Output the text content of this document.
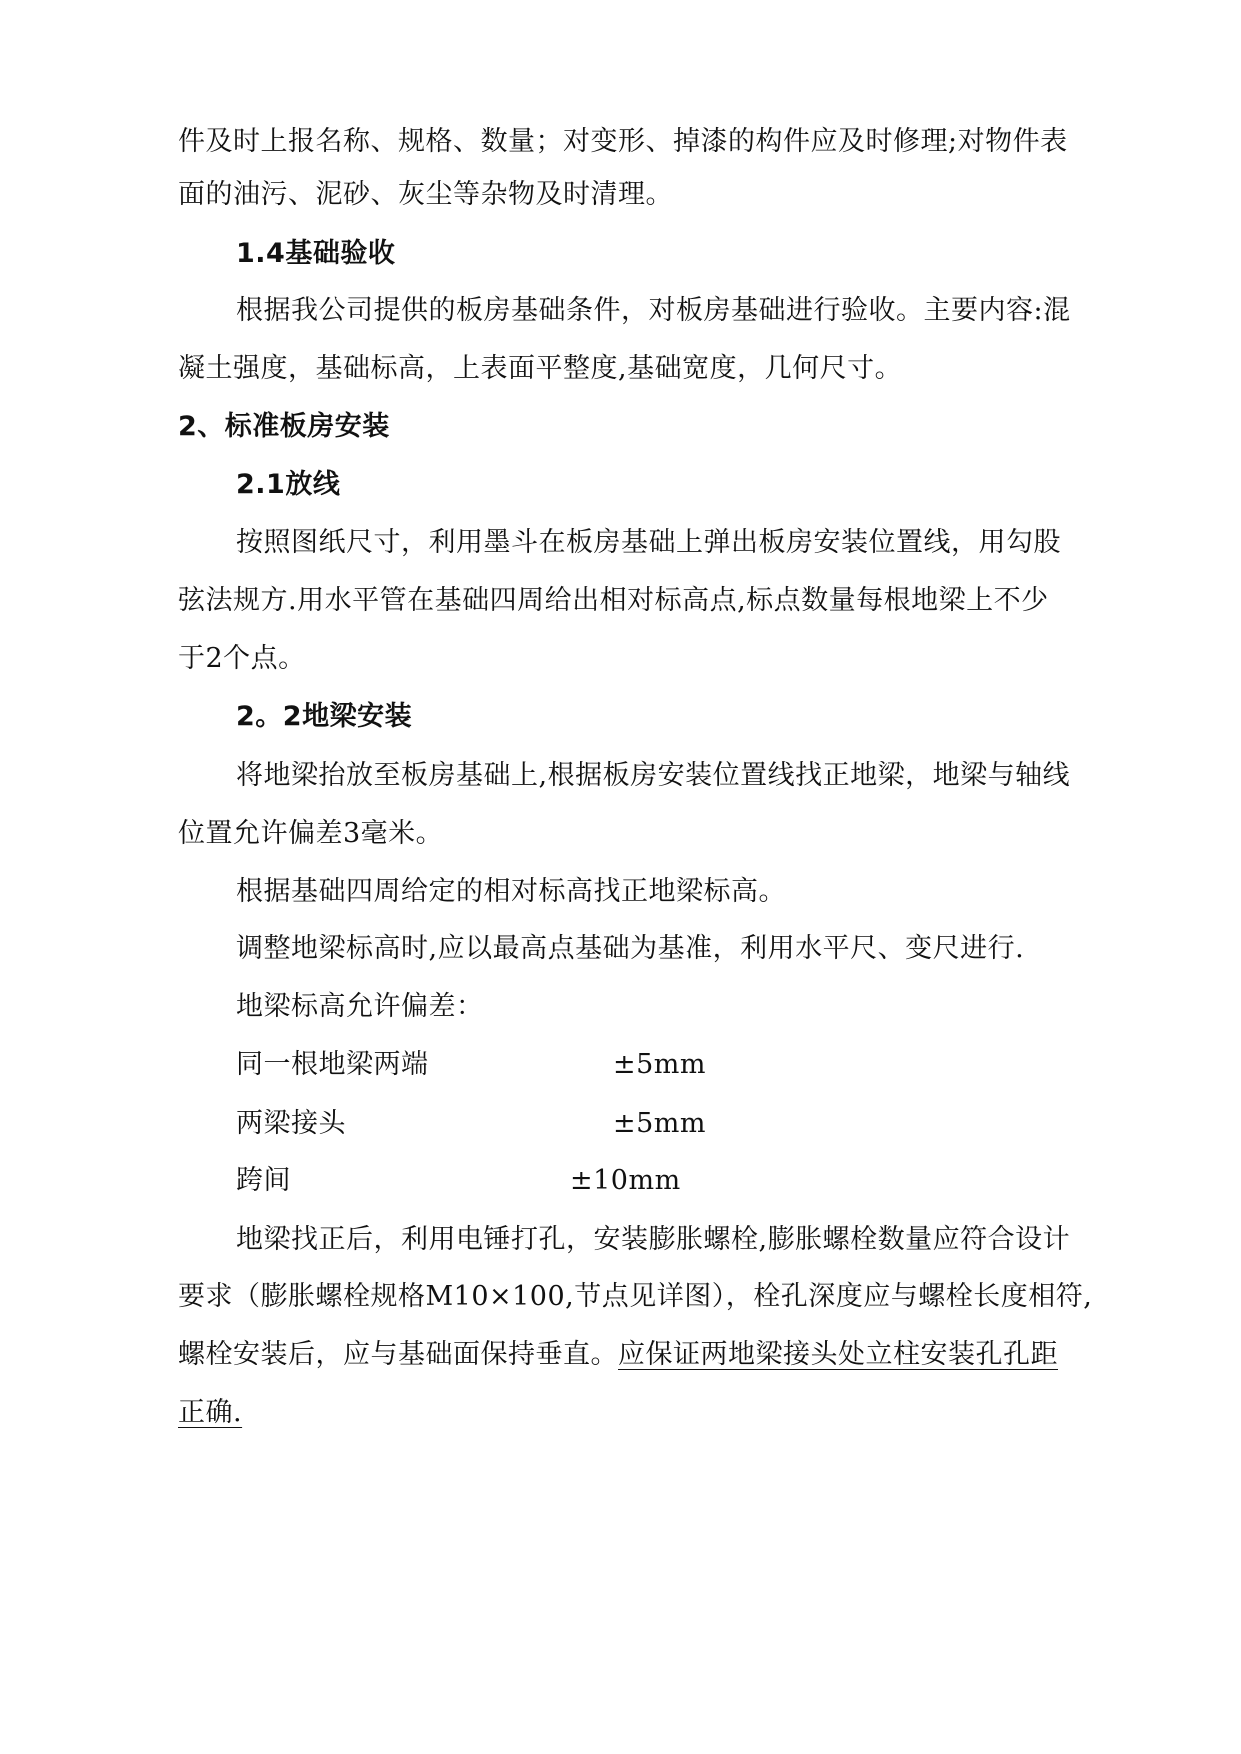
件及时上报名称、规格、数量；对变形、掉漆的构件应及时修理;对物件表
面的油污、泥砂、灰尘等杂物及时清理。
1.4基础验收
根据我公司提供的板房基础条件，对板房基础进行验收。主要内容:混
凝土强度，基础标高，上表面平整度,基础宽度，几何尺寸。
2、标准板房安装
2.1放线
按照图纸尺寸，利用墨斗在板房基础上弹出板房安装位置线，用勾股
弦法规方.用水平管在基础四周给出相对标高点,标点数量每根地梁上不少
于2个点。
2。2地梁安装
将地梁抬放至板房基础上,根据板房安装位置线找正地梁，地梁与轴线
位置允许偏差3毫米。
根据基础四周给定的相对标高找正地梁标高。
调整地梁标高时,应以最高点基础为基准，利用水平尺、变尺进行.
地梁标高允许偏差：
同一根地梁两端	±5mm
两梁接头	±5mm
跨间	±10mm
地梁找正后，利用电锤打孔，安装膨胀螺栓,膨胀螺栓数量应符合设计
要求（膨胀螺栓规格M10×100,节点见详图），栓孔深度应与螺栓长度相符,
螺栓安装后，应与基础面保持垂直。应保证两地梁接头处立柱安装孔孔距
正确.
